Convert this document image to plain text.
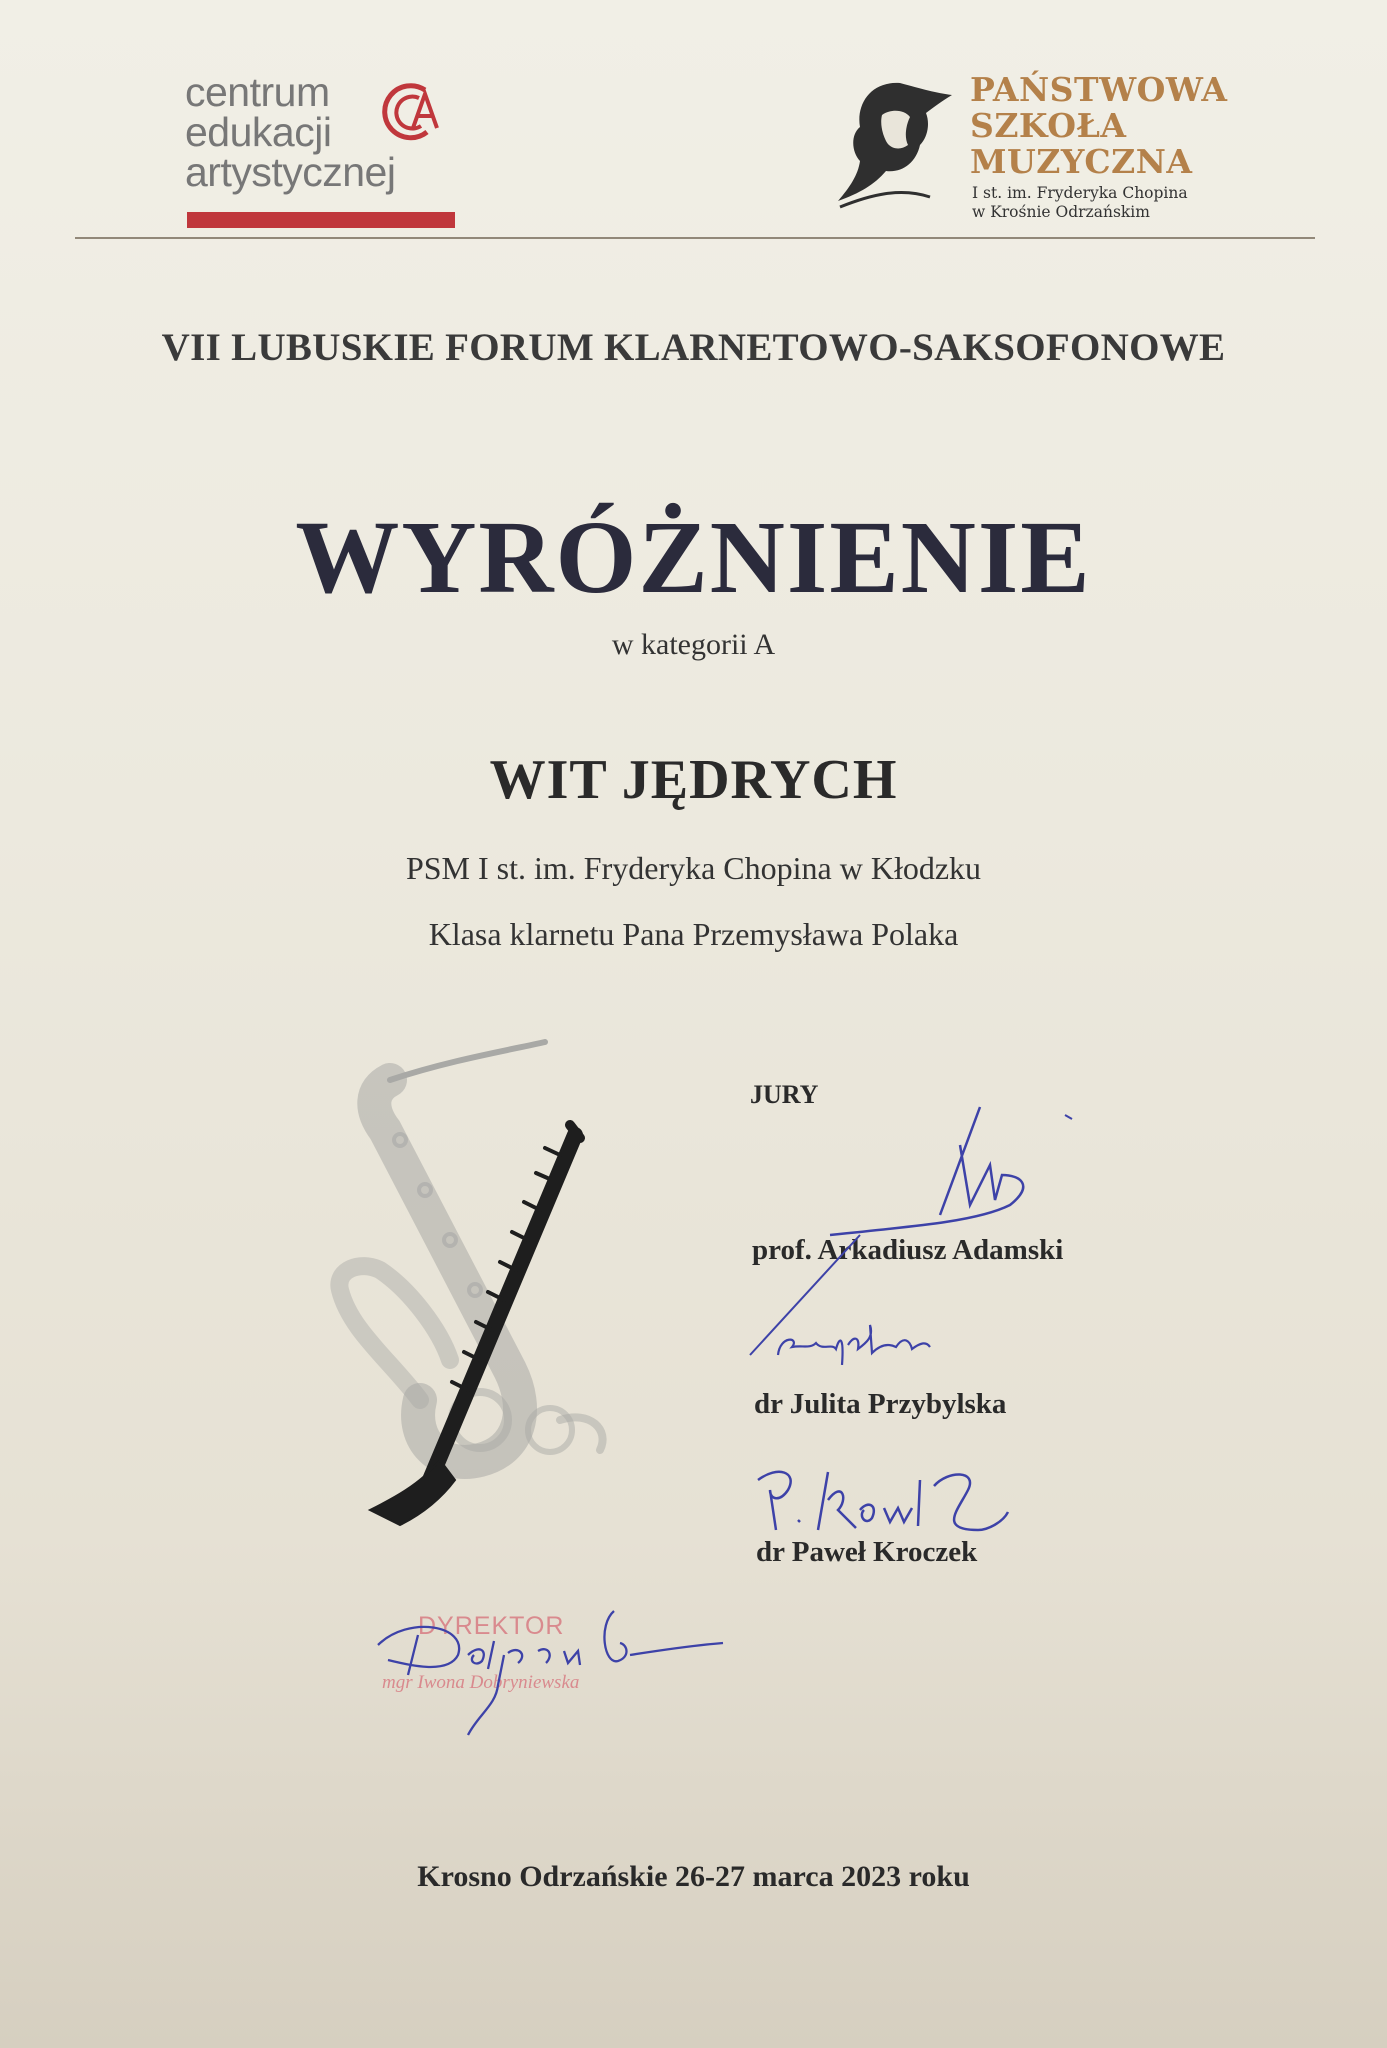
centrum
edukacji
artystycznej
PAŃSTWOWA
SZKOŁA
MUZYCZNA
I st. im. Fryderyka Chopina
w Krośnie Odrzańskim
VII LUBUSKIE FORUM KLARNETOWO-SAKSOFONOWE
WYRÓŻNIENIE
w kategorii A
WIT JĘDRYCH
PSM I st. im. Fryderyka Chopina w Kłodzku
Klasa klarnetu Pana Przemysława Polaka
JURY
prof. Arkadiusz Adamski
dr Julita Przybylska
dr Paweł Kroczek
DYREKTOR
mgr Iwona Dobryniewska
Krosno Odrzańskie 26-27 marca 2023 roku
